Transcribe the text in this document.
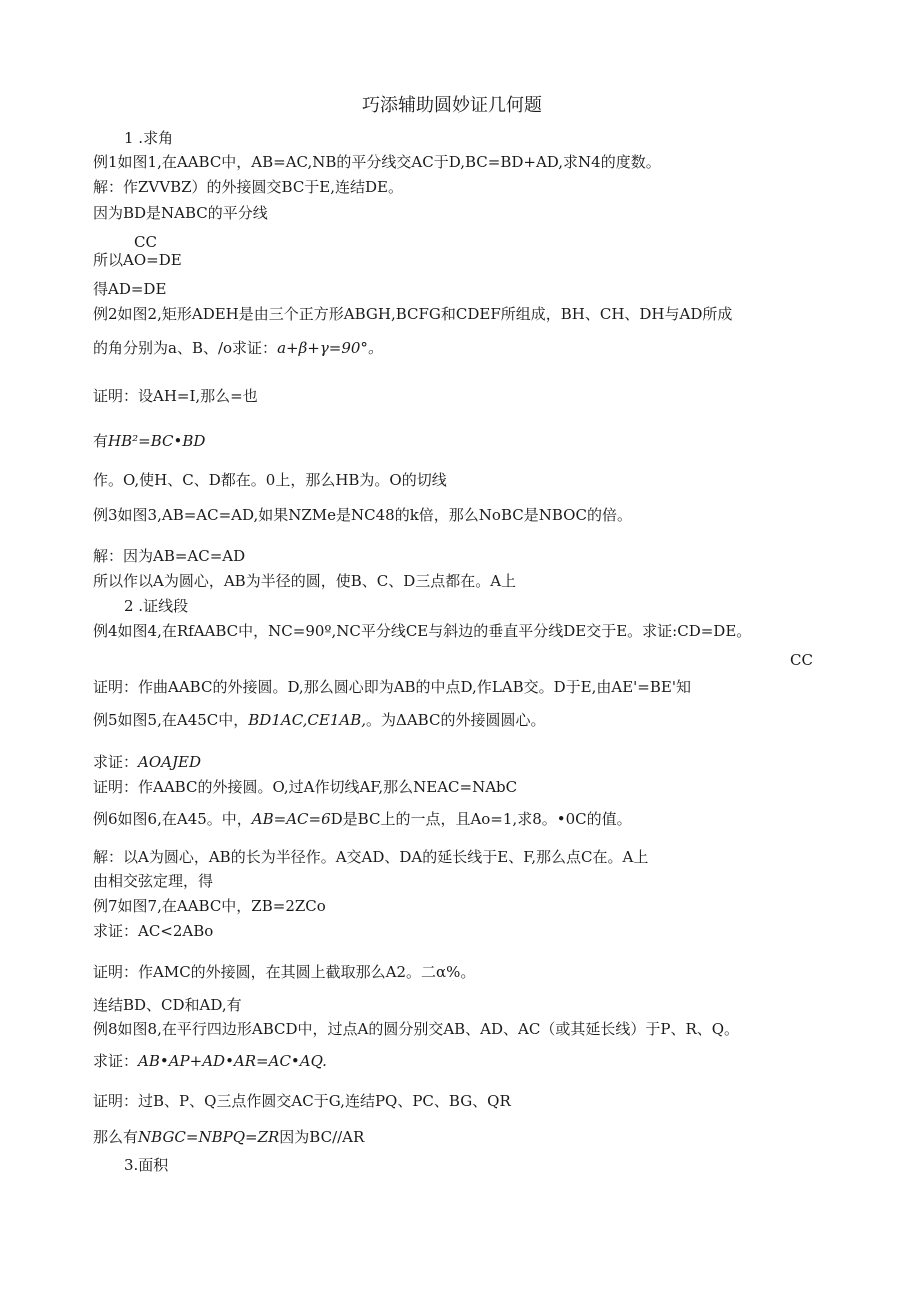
巧添辅助圆妙证几何题
1 .求角
例1如图1,在AABC中，AB=AC,NB的平分线交AC于D,BC=BD+AD,求N4的度数。
解：作ZVVBZ）的外接圆交BC于E,连结DE。
因为BD是NABC的平分线
CC
所以AO=DE
得AD=DE
例2如图2,矩形ADEH是由三个正方形ABGH,BCFG和CDEF所组成，BH、CH、DH与AD所成
的角分别为a、B、/o求证：a+β+γ=90°。
证明：设AH=I,那么=也
有HB²=BC•BD
作。O,使H、C、D都在。0上，那么HB为。O的切线
例3如图3,AB=AC=AD,如果NZMe是NC48的k倍，那么NoBC是NBOC的倍。
解：因为AB=AC=AD
所以作以A为圆心，AB为半径的圆，使B、C、D三点都在。A上
2 .证线段
例4如图4,在RfAABC中，NC=90º,NC平分线CE与斜边的垂直平分线DE交于E。求证:CD=DE。
CC
证明：作曲AABC的外接圆。D,那么圆心即为AB的中点D,作LAB交。D于E,由AE'=BE'知
例5如图5,在A45C中，BD1AC,CE1AB,。为ΔABC的外接圆圆心。
求证：AOAJED
证明：作AABC的外接圆。O,过A作切线AF,那么NEAC=NAbC
例6如图6,在A45。中，AB=AC=6D是BC上的一点，且Ao=1,求8。•0C的值。
解：以A为圆心，AB的长为半径作。A交AD、DA的延长线于E、F,那么点C在。A上
由相交弦定理，得
例7如图7,在AABC中，ZB=2ZCo
求证：AC<2ABo
证明：作AMC的外接圆，在其圆上截取那么A2。二α%。
连结BD、CD和AD,有
例8如图8,在平行四边形ABCD中，过点A的圆分别交AB、AD、AC（或其延长线）于P、R、Q。
求证：AB•AP+AD•AR=AC•AQ.
证明：过B、P、Q三点作圆交AC于G,连结PQ、PC、BG、QR
那么有NBGC=NBPQ=ZR因为BC//AR
3.面积
